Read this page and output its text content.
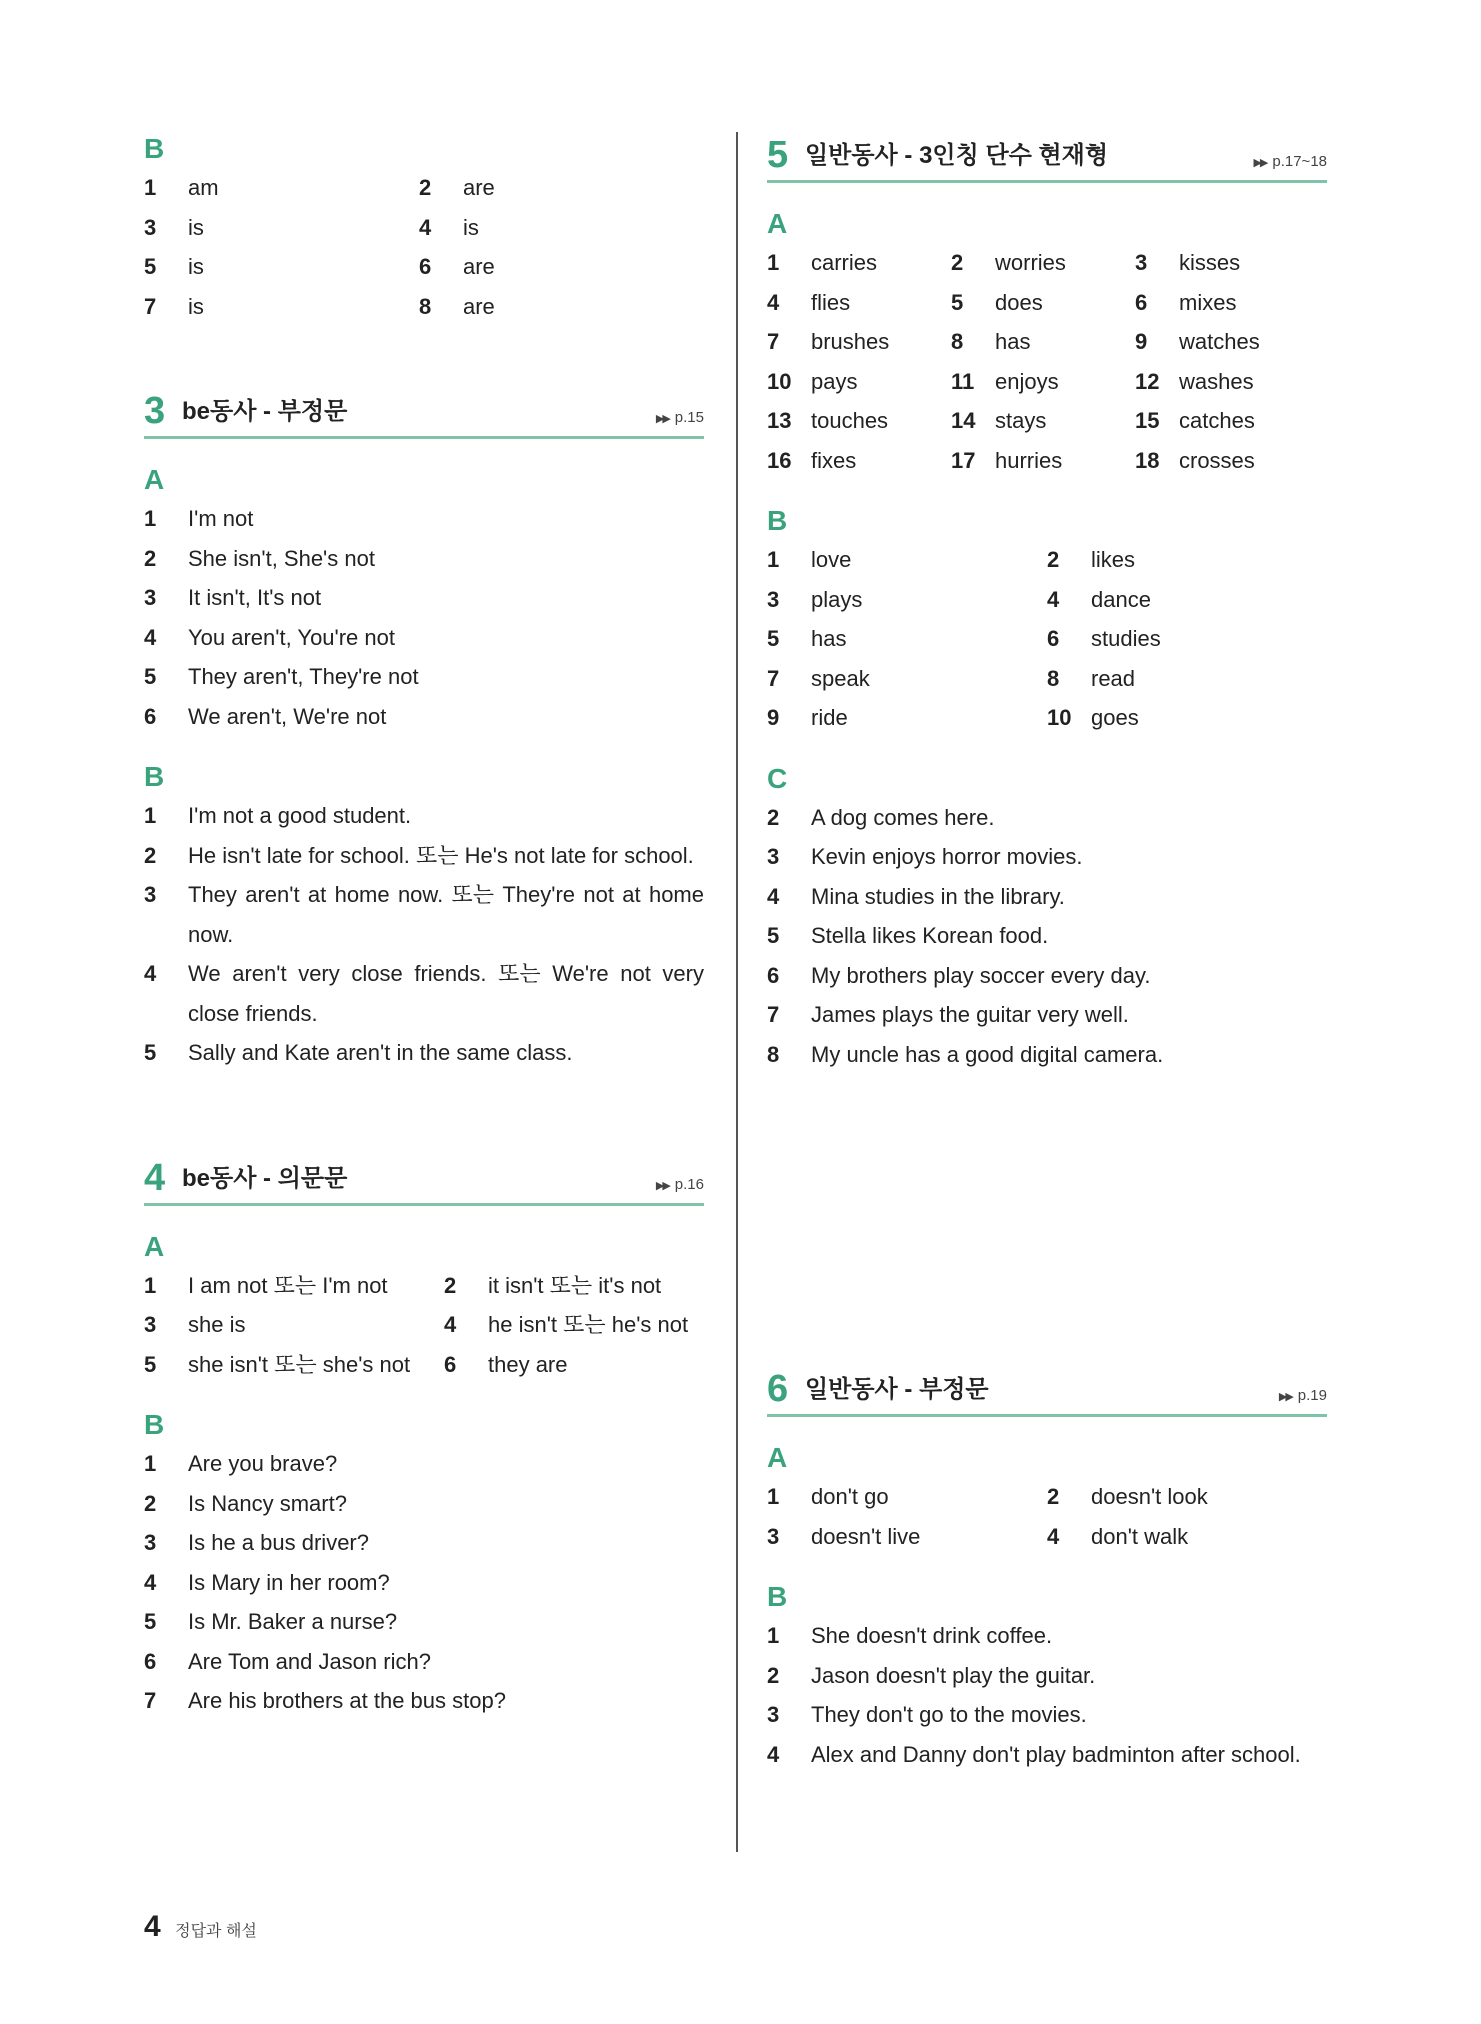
B
1 am	2 are
3 is	4 is
5 is	6 are
7 is	8 are
3 be동사 - 부정문	▶▶ p.15
A
1 I'm not
2 She isn't, She's not
3 It isn't, It's not
4 You aren't, You're not
5 They aren't, They're not
6 We aren't, We're not
B
1	I'm not a good student.
2	He isn't late for school. 또는 He's not late for school.
3	They aren't at home now. 또는 They're not at home now.
4	We aren't very close friends. 또는 We're not very close friends.
5	Sally and Kate aren't in the same class.
4 be동사 - 의문문	▶▶ p.16
A
1 I am not 또는 I'm not	2 it isn't 또는 it's not
3 she is	4 he isn't 또는 he's not
5 she isn't 또는 she's not 6 they are
B
1 Are you brave?
2 Is Nancy smart?
3 Is he a bus driver?
4 Is Mary in her room?
5 Is Mr. Baker a nurse?
6 Are Tom and Jason rich?
7 Are his brothers at the bus stop?
5 일반동사 - 3인칭 단수 현재형	▶▶ p.17~18
A
1 carries	2 worries	3 kisses
4 flies	5 does	6 mixes
7 brushes	8 has	9 watches
10 pays	11 enjoys	12 washes
13 touches	14 stays	15 catches
16 fixes	17 hurries	18 crosses
B
1 love	2 likes
3 plays	4 dance
5 has	6 studies
7 speak	8 read
9 ride	10 goes
C
2 A dog comes here.
3 Kevin enjoys horror movies.
4 Mina studies in the library.
5 Stella likes Korean food.
6 My brothers play soccer every day.
7 James plays the guitar very well.
8 My uncle has a good digital camera.
6 일반동사 - 부정문	▶▶ p.19
A
1 don't go	2 doesn't look
3 doesn't live	4 don't walk
B
1 She doesn't drink coffee.
2 Jason doesn't play the guitar.
3 They don't go to the movies.
4 Alex and Danny don't play badminton after school.
4 정답과 해설
